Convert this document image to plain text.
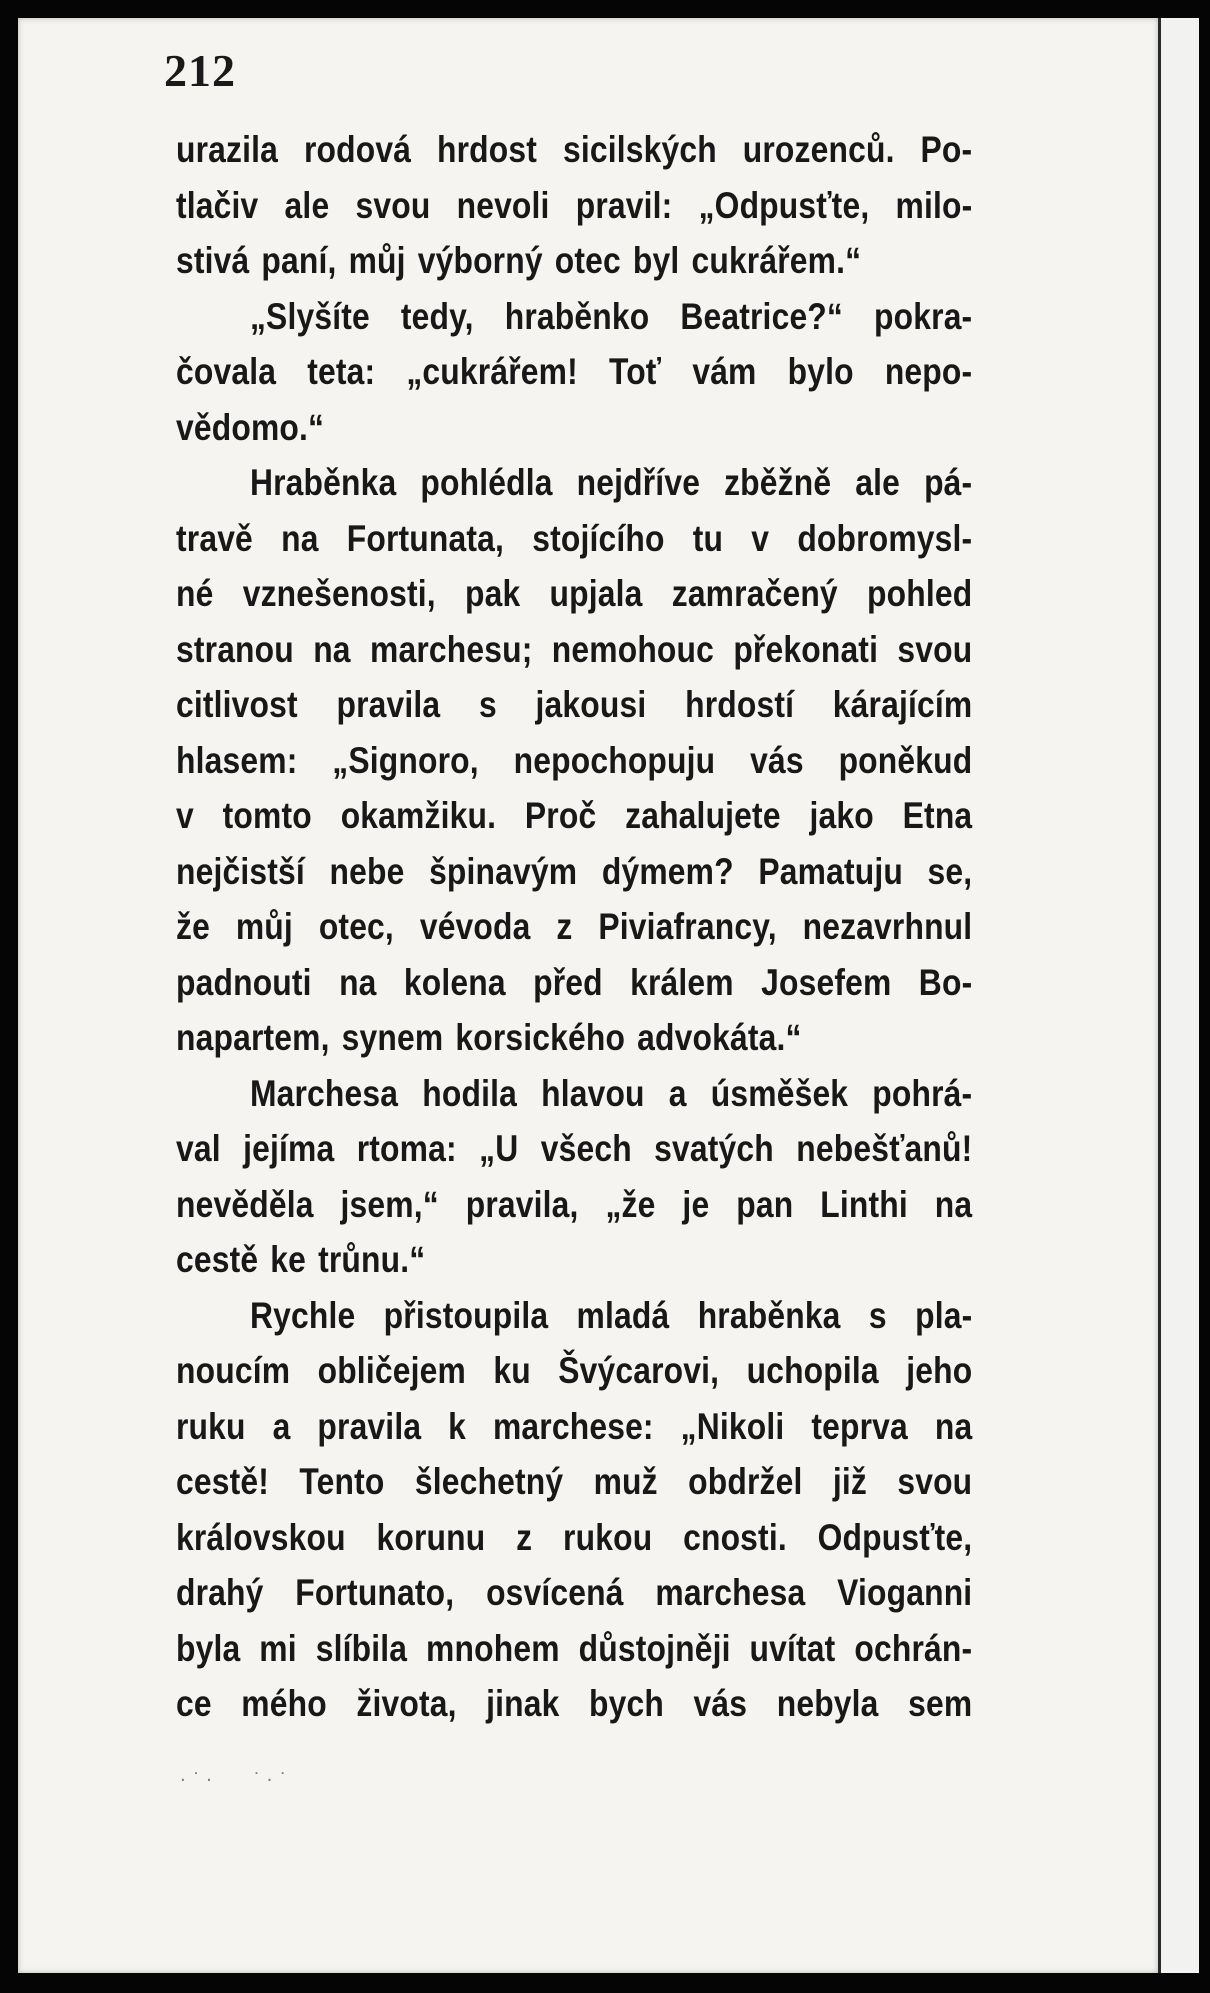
212
urazila rodová hrdost sicilských urozenců. Po-
tlačiv ale svou nevoli pravil: „Odpusťte, milo-
stivá paní, můj výborný otec byl cukrářem.“
„Slyšíte tedy, hraběnko Beatrice?“ pokra-
čovala teta: „cukrářem! Toť vám bylo nepo-
vědomo.“
Hraběnka pohlédla nejdříve zběžně ale pá-
travě na Fortunata, stojícího tu v dobromysl-
né vznešenosti, pak upjala zamračený pohled
stranou na marchesu; nemohouc překonati svou
citlivost pravila s jakousi hrdostí kárajícím
hlasem: „Signoro, nepochopuju vás poněkud
v tomto okamžiku. Proč zahalujete jako Etna
nejčistší nebe špinavým dýmem? Pamatuju se,
že můj otec, vévoda z Piviafrancy, nezavrhnul
padnouti na kolena před králem Josefem Bo-
napartem, synem korsického advokáta.“
Marchesa hodila hlavou a úsměšek pohrá-
val jejíma rtoma: „U všech svatých nebešťanů!
nevěděla jsem,“ pravila, „že je pan Linthi na
cestě ke trůnu.“
Rychle přistoupila mladá hraběnka s pla-
noucím obličejem ku Švýcarovi, uchopila jeho
ruku a pravila k marchese: „Nikoli teprva na
cestě! Tento šlechetný muž obdržel již svou
královskou korunu z rukou cnosti. Odpusťte,
drahý Fortunato, osvícená marchesa Vioganni
byla mi slíbila mnohem důstojněji uvítat ochrán-
ce mého života, jinak bych vás nebyla sem
· ˙ ·       ˙ · ˙
